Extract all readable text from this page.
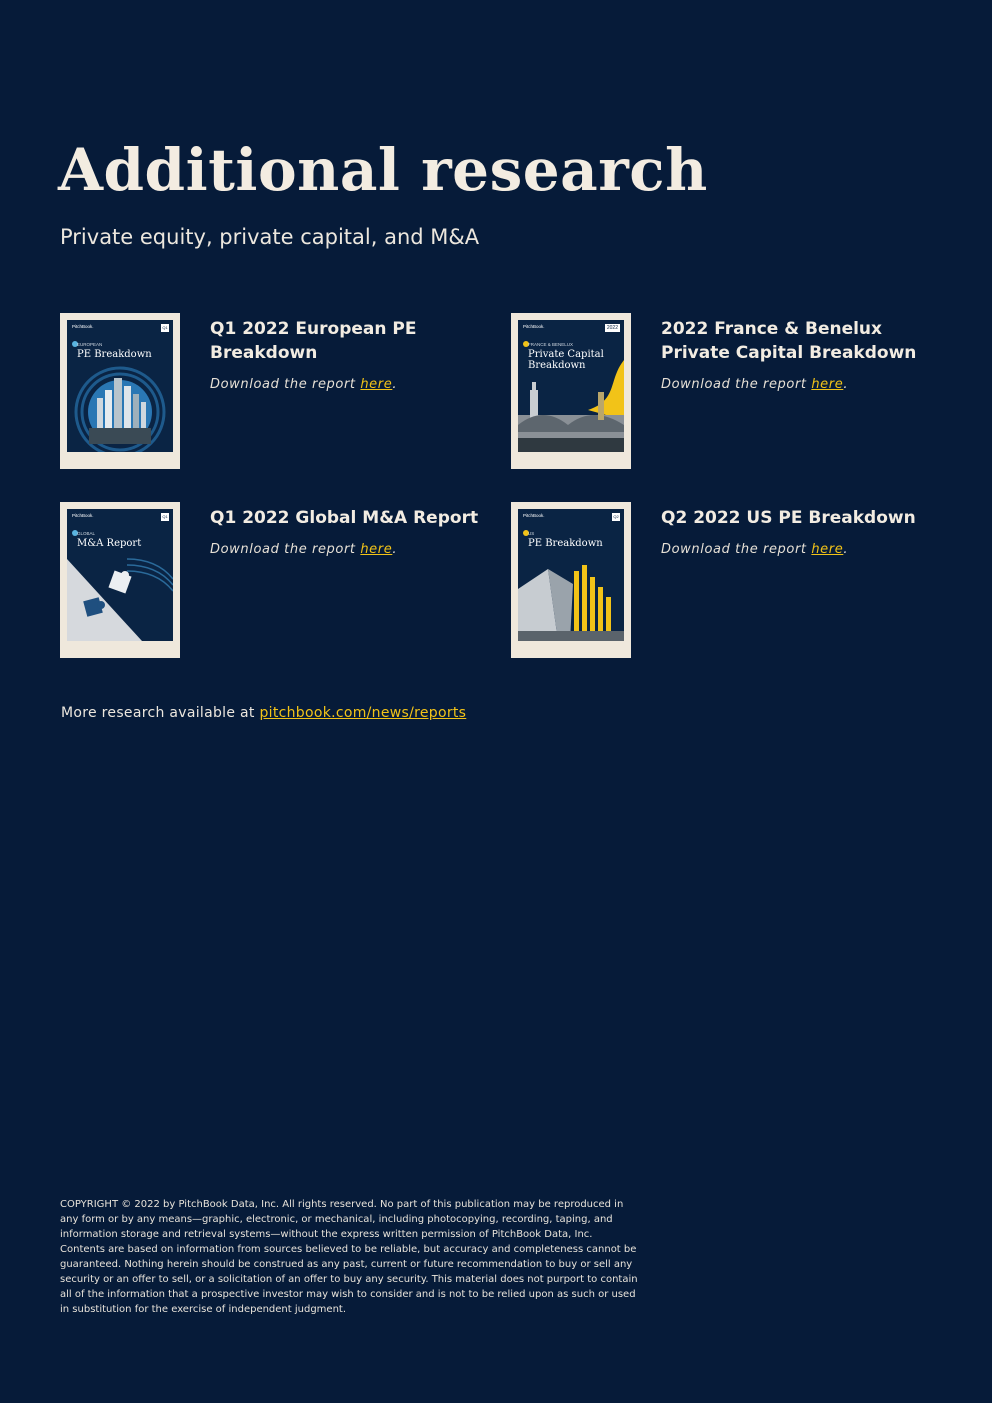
Additional research

Private equity, private capital, and M&A

PitchBook.	Q1
EUROPEAN
PE Breakdown
Q1 2022 European PE Breakdown
Download the report here.
PitchBook.	2022
FRANCE & BENELUX
Private Capital Breakdown
2022 France & Benelux Private Capital Breakdown
Download the report here.
PitchBook.	Q1
GLOBAL
M&A Report
Q1 2022 Global M&A Report
Download the report here.
PitchBook.	Q2
US
PE Breakdown
Q2 2022 US PE Breakdown
Download the report here.
More research available at pitchbook.com/news/reports

COPYRIGHT © 2022 by PitchBook Data, Inc. All rights reserved. No part of this publication may be reproduced in any form or by any means—graphic, electronic, or mechanical, including photocopying, recording, taping, and information storage and retrieval systems—without the express written permission of PitchBook Data, Inc. Contents are based on information from sources believed to be reliable, but accuracy and completeness cannot be guaranteed. Nothing herein should be construed as any past, current or future recommendation to buy or sell any security or an offer to sell, or a solicitation of an offer to buy any security. This material does not purport to contain all of the information that a prospective investor may wish to consider and is not to be relied upon as such or used in substitution for the exercise of independent judgment.
